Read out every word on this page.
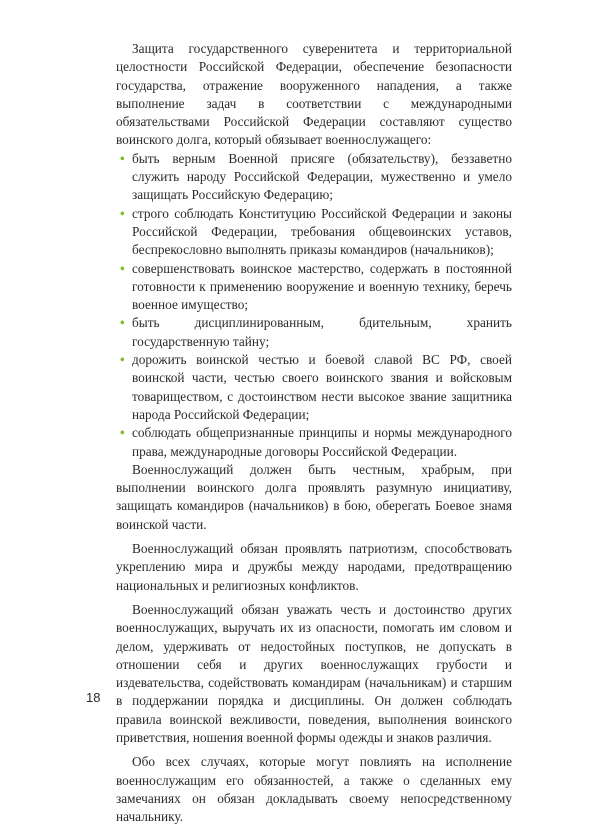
Защита государственного суверенитета и территориальной целостности Российской Федерации, обеспечение безопасности государства, отражение вооруженного нападения, а также выполнение задач в соответствии с международными обязательствами Российской Федерации составляют существо воинского долга, который обязывает военнослужащего:

• быть верным Военной присяге (обязательству), беззаветно служить народу Российской Федерации, мужественно и умело защищать Российскую Федерацию;
• строго соблюдать Конституцию Российской Федерации и законы Российской Федерации, требования общевоинских уставов, беспрекословно выполнять приказы командиров (начальников);
• совершенствовать воинское мастерство, содержать в постоянной готовности к применению вооружение и военную технику, беречь военное имущество;
• быть дисциплинированным, бдительным, хранить государственную тайну;
• дорожить воинской честью и боевой славой ВС РФ, своей воинской части, честью своего воинского звания и войсковым товариществом, с достоинством нести высокое звание защитника народа Российской Федерации;
• соблюдать общепризнанные принципы и нормы международного права, международные договоры Российской Федерации.

Военнослужащий должен быть честным, храбрым, при выполнении воинского долга проявлять разумную инициативу, защищать командиров (начальников) в бою, оберегать Боевое знамя воинской части.

Военнослужащий обязан проявлять патриотизм, способствовать укреплению мира и дружбы между народами, предотвращению национальных и религиозных конфликтов.

Военнослужащий обязан уважать честь и достоинство других военнослужащих, выручать их из опасности, помогать им словом и делом, удерживать от недостойных поступков, не допускать в отношении себя и других военнослужащих грубости и издевательства, содействовать командирам (начальникам) и старшим в поддержании порядка и дисциплины. Он должен соблюдать правила воинской вежливости, поведения, выполнения воинского приветствия, ношения военной формы одежды и знаков различия.

Обо всех случаях, которые могут повлиять на исполнение военнослужащим его обязанностей, а также о сделанных ему замечаниях он обязан докладывать своему непосредственному начальнику.

18
